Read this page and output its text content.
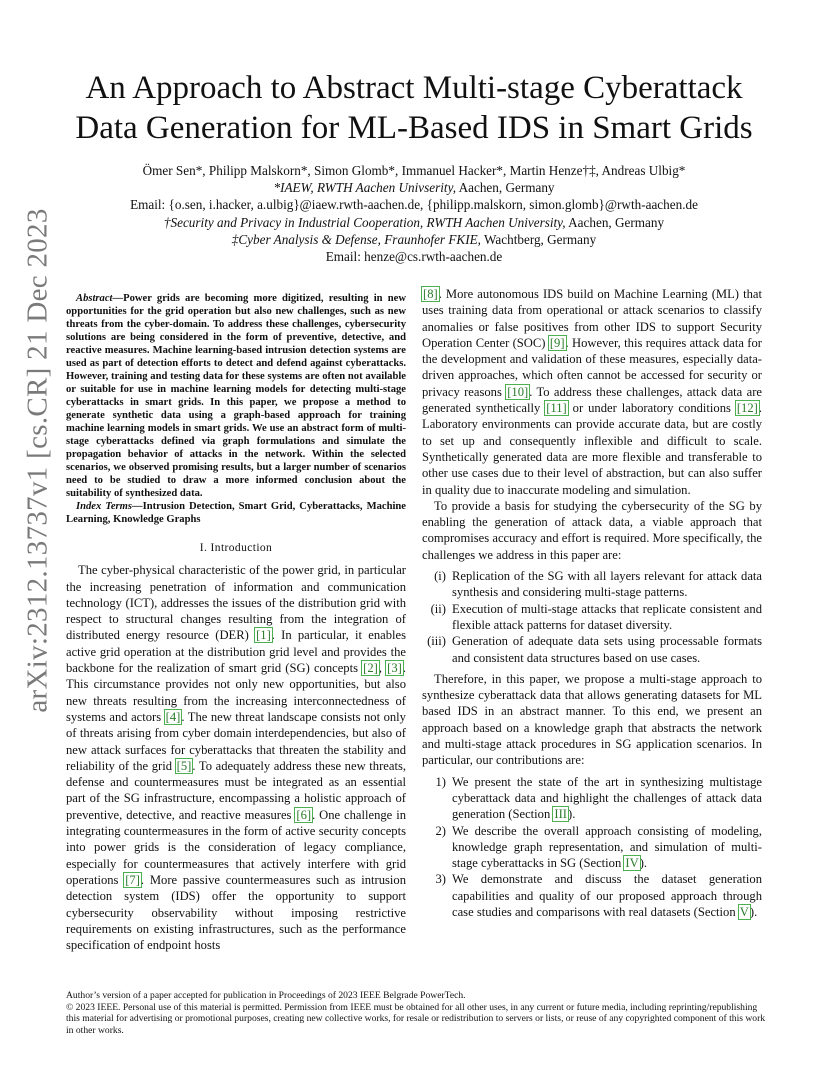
arXiv:2312.13737v1 [cs.CR] 21 Dec 2023
An Approach to Abstract Multi-stage Cyberattack
Data Generation for ML-Based IDS in Smart Grids
Ömer Sen*, Philipp Malskorn*, Simon Glomb*, Immanuel Hacker*, Martin Henze†‡, Andreas Ulbig*
*IAEW, RWTH Aachen Univserity, Aachen, Germany
Email: {o.sen, i.hacker, a.ulbig}@iaew.rwth-aachen.de, {philipp.malskorn, simon.glomb}@rwth-aachen.de
†Security and Privacy in Industrial Cooperation, RWTH Aachen University, Aachen, Germany
‡Cyber Analysis & Defense, Fraunhofer FKIE, Wachtberg, Germany
Email: henze@cs.rwth-aachen.de

Abstract—Power grids are becoming more digitized, resulting in new opportunities for the grid operation but also new challenges, such as new threats from the cyber-domain. To address these challenges, cybersecurity solutions are being considered in the form of preventive, detective, and reactive measures. Machine learning-based intrusion detection systems are used as part of detection efforts to detect and defend against cyberattacks. However, training and testing data for these systems are often not available or suitable for use in machine learning models for detecting multi-stage cyberattacks in smart grids. In this paper, we propose a method to generate synthetic data using a graph-based approach for training machine learning models in smart grids. We use an abstract form of multi-stage cyberattacks defined via graph formulations and simulate the propagation behavior of attacks in the network. Within the selected scenarios, we observed promising results, but a larger number of scenarios need to be studied to draw a more informed conclusion about the suitability of synthesized data.

Index Terms—Intrusion Detection, Smart Grid, Cyberattacks, Machine Learning, Knowledge Graphs

I. Introduction

The cyber-physical characteristic of the power grid, in particular the increasing penetration of information and communication technology (ICT), addresses the issues of the distribution grid with respect to structural changes resulting from the integration of distributed energy resource (DER) [1]. In particular, it enables active grid operation at the distribution grid level and provides the backbone for the realization of smart grid (SG) concepts [2], [3]. This circumstance provides not only new opportunities, but also new threats resulting from the increasing interconnectedness of systems and actors [4]. The new threat landscape consists not only of threats arising from cyber domain interdependencies, but also of new attack surfaces for cyberattacks that threaten the stability and reliability of the grid [5]. To adequately address these new threats, defense and countermeasures must be integrated as an essential part of the SG infrastructure, encompassing a holistic approach of preventive, detective, and reactive measures [6]. One challenge in integrating countermeasures in the form of active security concepts into power grids is the consideration of legacy compliance, especially for countermeasures that actively interfere with grid operations [7]. More passive countermeasures such as intrusion detection system (IDS) offer the opportunity to support cybersecurity observability without imposing restrictive requirements on existing infrastructures, such as the performance specification of endpoint hosts

[8]. More autonomous IDS build on Machine Learning (ML) that uses training data from operational or attack scenarios to classify anomalies or false positives from other IDS to support Security Operation Center (SOC) [9]. However, this requires attack data for the development and validation of these measures, especially data-driven approaches, which often cannot be accessed for security or privacy reasons [10]. To address these challenges, attack data are generated synthetically [11] or under laboratory conditions [12]. Laboratory environments can provide accurate data, but are costly to set up and consequently inflexible and difficult to scale. Synthetically generated data are more flexible and transferable to other use cases due to their level of abstraction, but can also suffer in quality due to inaccurate modeling and simulation.

To provide a basis for studying the cybersecurity of the SG by enabling the generation of attack data, a viable approach that compromises accuracy and effort is required. More specifically, the challenges we address in this paper are:

(i) Replication of the SG with all layers relevant for attack data synthesis and considering multi-stage patterns.
(ii) Execution of multi-stage attacks that replicate consistent and flexible attack patterns for dataset diversity.
(iii) Generation of adequate data sets using processable formats and consistent data structures based on use cases.

Therefore, in this paper, we propose a multi-stage approach to synthesize cyberattack data that allows generating datasets for ML based IDS in an abstract manner. To this end, we present an approach based on a knowledge graph that abstracts the network and multi-stage attack procedures in SG application scenarios. In particular, our contributions are:

1) We present the state of the art in synthesizing multistage cyberattack data and highlight the challenges of attack data generation (Section III).
2) We describe the overall approach consisting of modeling, knowledge graph representation, and simulation of multi-stage cyberattacks in SG (Section IV).
3) We demonstrate and discuss the dataset generation capabilities and quality of our proposed approach through case studies and comparisons with real datasets (Section V).
Author’s version of a paper accepted for publication in Proceedings of 2023 IEEE Belgrade PowerTech.
© 2023 IEEE. Personal use of this material is permitted. Permission from IEEE must be obtained for all other uses, in any current or future media, including reprinting/republishing this material for advertising or promotional purposes, creating new collective works, for resale or redistribution to servers or lists, or reuse of any copyrighted component of this work in other works.
